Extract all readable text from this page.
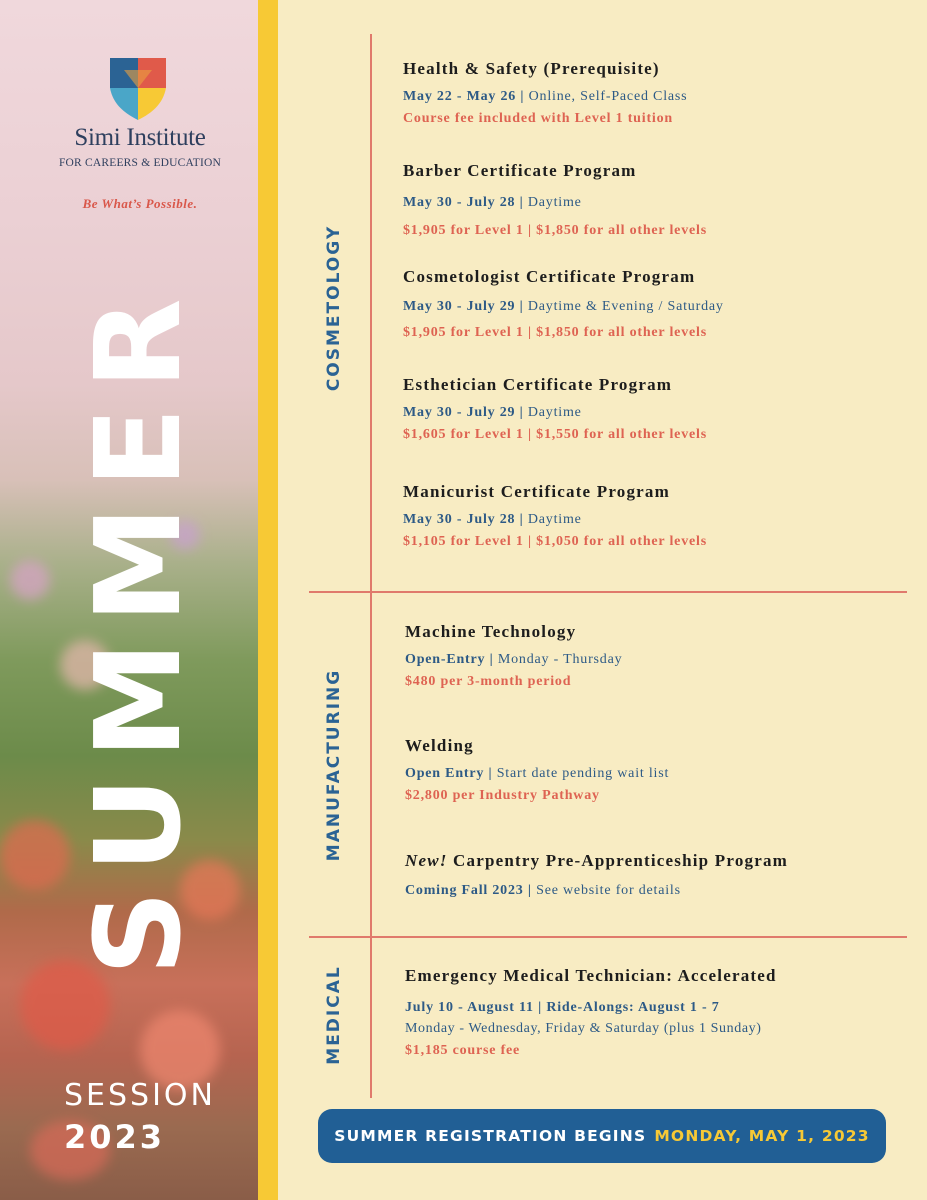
Simi Institute
FOR CAREERS & EDUCATION
Be What’s Possible.
SUMMER
SESSION
2023
COSMETOLOGY
MANUFACTURING
MEDICAL
Health & Safety (Prerequisite)
May 22 - May 26 | Online, Self-Paced Class
Course fee included with Level 1 tuition
Barber Certificate Program
May 30 - July 28 | Daytime
$1,905 for Level 1 | $1,850 for all other levels
Cosmetologist Certificate Program
May 30 - July 29 | Daytime & Evening / Saturday
$1,905 for Level 1 | $1,850 for all other levels
Esthetician Certificate Program
May 30 - July 29 | Daytime
$1,605 for Level 1 | $1,550 for all other levels
Manicurist Certificate Program
May 30 - July 28 | Daytime
$1,105 for Level 1 | $1,050 for all other levels
Machine Technology
Open-Entry | Monday - Thursday
$480 per 3-month period
Welding
Open Entry | Start date pending wait list
$2,800 per Industry Pathway
New! Carpentry Pre-Apprenticeship Program
Coming Fall 2023 | See website for details
Emergency Medical Technician: Accelerated
July 10 - August 11 | Ride-Alongs: August 1 - 7
Monday - Wednesday, Friday & Saturday (plus 1 Sunday)
$1,185 course fee
SUMMER REGISTRATION BEGINS MONDAY, MAY 1, 2023
